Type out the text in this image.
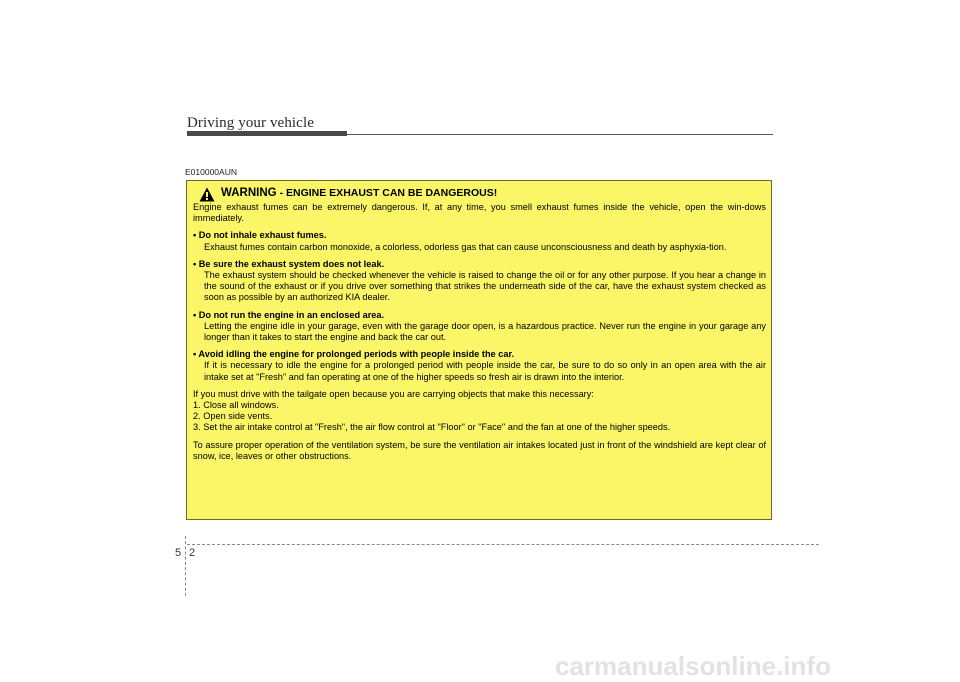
Driving your vehicle
E010000AUN
WARNING - ENGINE EXHAUST CAN BE DANGEROUS!

Engine exhaust fumes can be extremely dangerous. If, at any time, you smell exhaust fumes inside the vehicle, open the win-dows immediately.

• Do not inhale exhaust fumes.

Exhaust fumes contain carbon monoxide, a colorless, odorless gas that can cause unconsciousness and death by asphyxia-tion.

• Be sure the exhaust system does not leak.

The exhaust system should be checked whenever the vehicle is raised to change the oil or for any other purpose. If you hear a change in the sound of the exhaust or if you drive over something that strikes the underneath side of the car, have the exhaust system checked as soon as possible by an authorized KIA dealer.

• Do not run the engine in an enclosed area.

Letting the engine idle in your garage, even with the garage door open, is a hazardous practice. Never run the engine in your garage any longer than it takes to start the engine and back the car out.

• Avoid idling the engine for prolonged periods with people inside the car.

If it is necessary to idle the engine for a prolonged period with people inside the car, be sure to do so only in an open area with the air intake set at "Fresh" and fan operating at one of the higher speeds so fresh air is drawn into the interior.

If you must drive with the tailgate open because you are carrying objects that make this necessary:

1. Close all windows.

2. Open side vents.

3. Set the air intake control at "Fresh", the air flow control at "Floor" or "Face" and the fan at one of the higher speeds.

To assure proper operation of the ventilation system, be sure the ventilation air intakes located just in front of the windshield are kept clear of snow, ice, leaves or other obstructions.

5 2
carmanualsonline.info
